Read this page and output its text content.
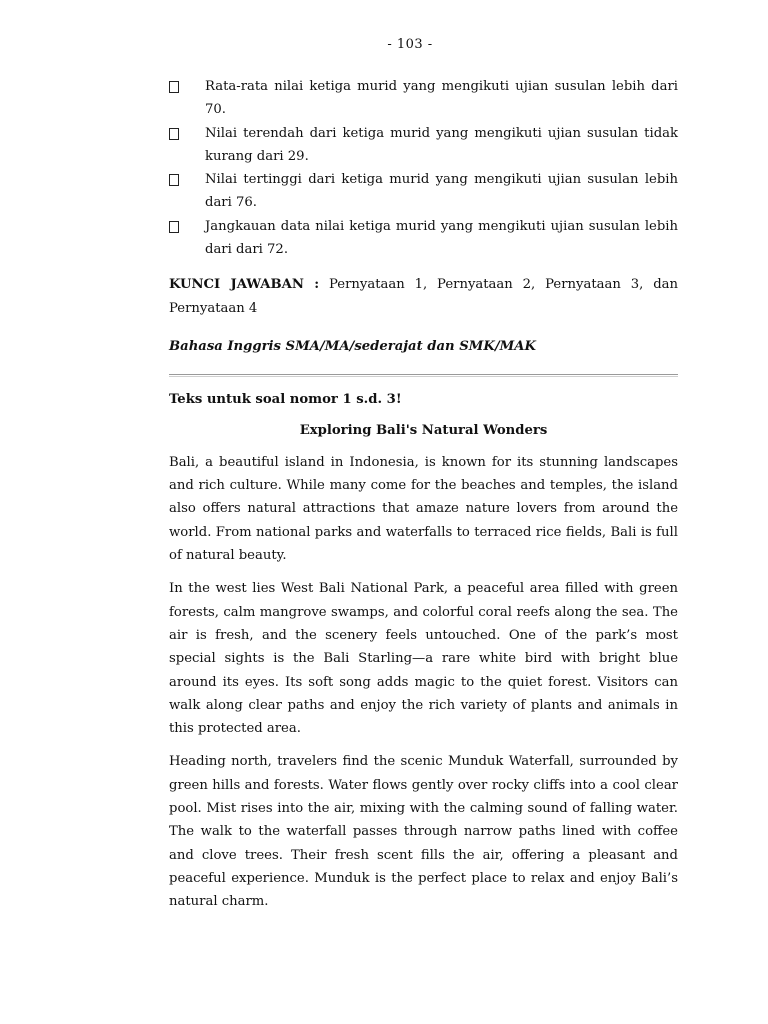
- 103 -
Rata-rata nilai ketiga murid yang mengikuti ujian susulan lebih dari 70.
Nilai terendah dari ketiga murid yang mengikuti ujian susulan tidak kurang dari 29.
Nilai tertinggi dari ketiga murid yang mengikuti ujian susulan lebih dari 76.
Jangkauan data nilai ketiga murid yang mengikuti ujian susulan lebih dari dari 72.
KUNCI JAWABAN : Pernyataan 1, Pernyataan 2, Pernyataan 3, dan Pernyataan 4
Bahasa Inggris SMA/MA/sederajat dan SMK/MAK
Teks untuk soal nomor 1 s.d. 3!
Exploring Bali's Natural Wonders

Bali, a beautiful island in Indonesia, is known for its stunning landscapes and rich culture. While many come for the beaches and temples, the island also offers natural attractions that amaze nature lovers from around the world. From national parks and waterfalls to terraced rice fields, Bali is full of natural beauty.

In the west lies West Bali National Park, a peaceful area filled with green forests, calm mangrove swamps, and colorful coral reefs along the sea. The air is fresh, and the scenery feels untouched. One of the park’s most special sights is the Bali Starling—a rare white bird with bright blue around its eyes. Its soft song adds magic to the quiet forest. Visitors can walk along clear paths and enjoy the rich variety of plants and animals in this protected area.

Heading north, travelers find the scenic Munduk Waterfall, surrounded by green hills and forests. Water flows gently over rocky cliffs into a cool clear pool. Mist rises into the air, mixing with the calming sound of falling water. The walk to the waterfall passes through narrow paths lined with coffee and clove trees. Their fresh scent fills the air, offering a pleasant and peaceful experience. Munduk is the perfect place to relax and enjoy Bali’s natural charm.
